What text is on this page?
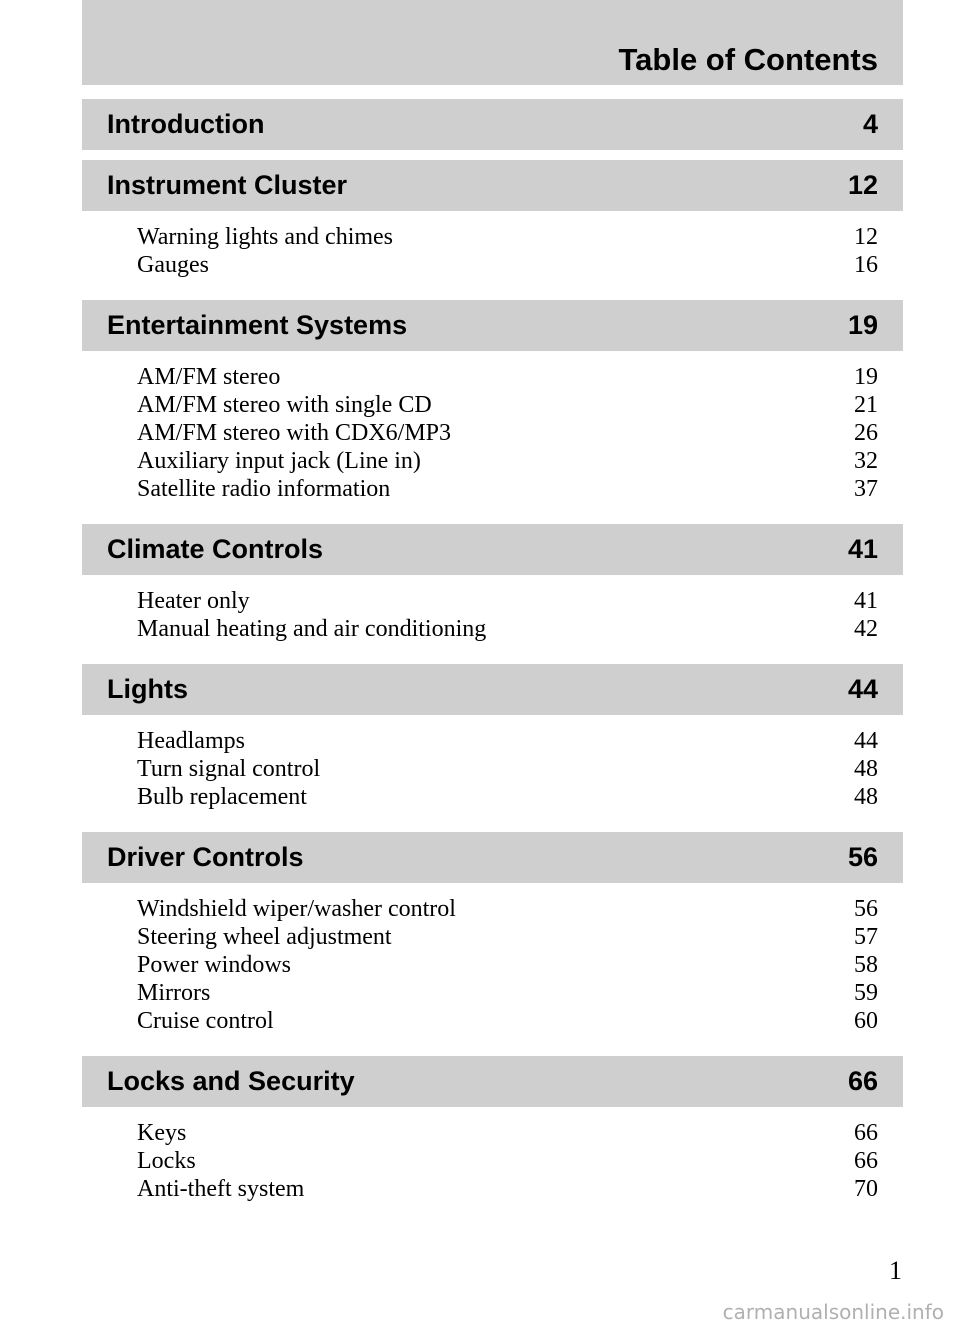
Table of Contents
Introduction	4
Instrument Cluster	12
Warning lights and chimes	12
Gauges	16
Entertainment Systems	19
AM/FM stereo	19
AM/FM stereo with single CD	21
AM/FM stereo with CDX6/MP3	26
Auxiliary input jack (Line in)	32
Satellite radio information	37
Climate Controls	41
Heater only	41
Manual heating and air conditioning	42
Lights	44
Headlamps	44
Turn signal control	48
Bulb replacement	48
Driver Controls	56
Windshield wiper/washer control	56
Steering wheel adjustment	57
Power windows	58
Mirrors	59
Cruise control	60
Locks and Security	66
Keys	66
Locks	66
Anti-theft system	70
1
carmanualsonline.info
